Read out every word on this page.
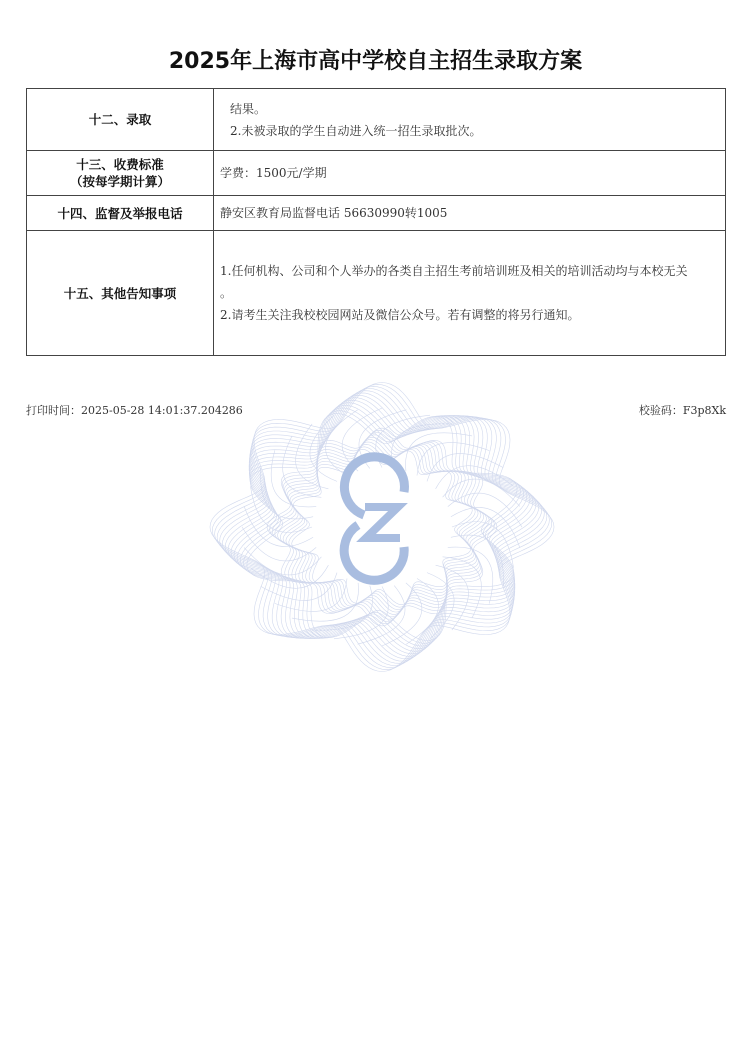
2025年上海市高中学校自主招生录取方案
十二、录取	结果。
2.未被录取的学生自动进入统一招生录取批次。

十三、收费标准
（按每学期计算）	学费：1500元/学期

十四、监督及举报电话	静安区教育局监督电话 56630990转1005

十五、其他告知事项	1.任何机构、公司和个人举办的各类自主招生考前培训班及相关的培训活动均与本校无关
。
2.请考生关注我校校园网站及微信公众号。若有调整的将另行通知。
打印时间：2025-05-28 14:01:37.204286	校验码：F3p8Xk
